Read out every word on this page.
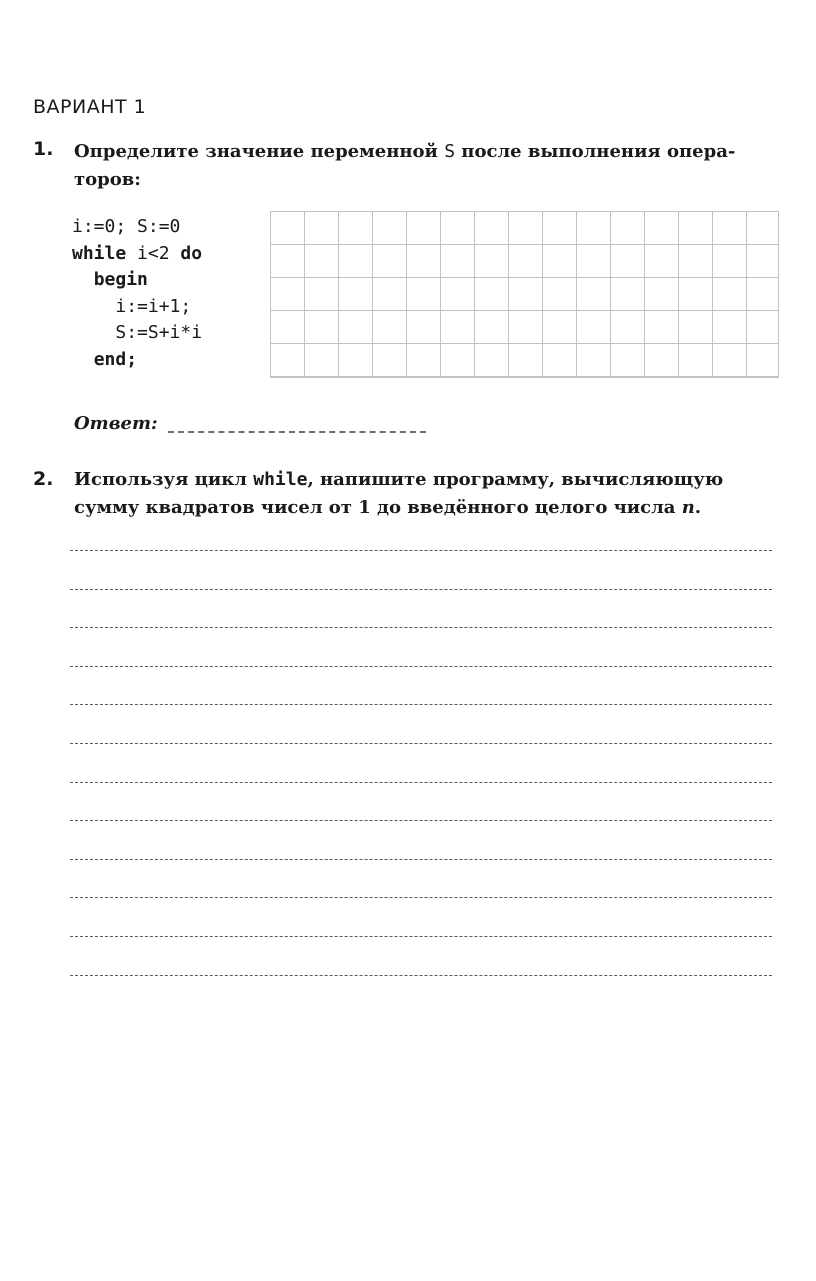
ВАРИАНТ 1
1. Определите значение переменной S после выполнения опера-
торов:
i:=0; S:=0
while i<2 do
begin
i:=i+1;
S:=S+i*i
end;
Ответ:
2. Используя цикл while, напишите программу, вычисляющую
сумму квадратов чисел от 1 до введённого целого числа n.
